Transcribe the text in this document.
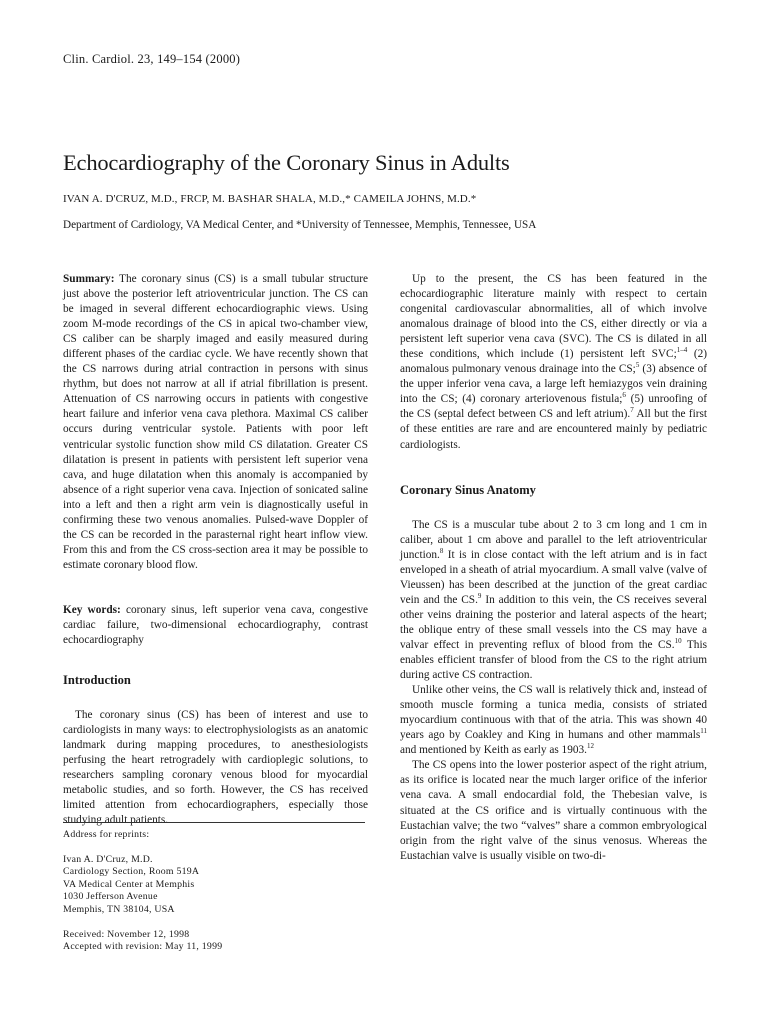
Clin. Cardiol. 23, 149–154 (2000)
Echocardiography of the Coronary Sinus in Adults
IVAN A. D'CRUZ, M.D., FRCP, M. BASHAR SHALA, M.D.,* CAMEILA JOHNS, M.D.*
Department of Cardiology, VA Medical Center, and *University of Tennessee, Memphis, Tennessee, USA

Summary: The coronary sinus (CS) is a small tubular structure just above the posterior left atrioventricular junction. The CS can be imaged in several different echocardiographic views. Using zoom M-mode recordings of the CS in apical two-chamber view, CS caliber can be sharply imaged and easily measured during different phases of the cardiac cycle. We have recently shown that the CS narrows during atrial contraction in persons with sinus rhythm, but does not narrow at all if atrial fibrillation is present. Attenuation of CS narrowing occurs in patients with congestive heart failure and inferior vena cava plethora. Maximal CS caliber occurs during ventricular systole. Patients with poor left ventricular systolic function show mild CS dilatation. Greater CS dilatation is present in patients with persistent left superior vena cava, and huge dilatation when this anomaly is accompanied by absence of a right superior vena cava. Injection of sonicated saline into a left and then a right arm vein is diagnostically useful in confirming these two venous anomalies. Pulsed-wave Doppler of the CS can be recorded in the parasternal right heart inflow view. From this and from the CS cross-section area it may be possible to estimate coronary blood flow.

Key words: coronary sinus, left superior vena cava, congestive cardiac failure, two-dimensional echocardiography, contrast echocardiography

Introduction

The coronary sinus (CS) has been of interest and use to cardiologists in many ways: to electrophysiologists as an anatomic landmark during mapping procedures, to anesthesiologists perfusing the heart retrogradely with cardioplegic solutions, to researchers sampling coronary venous blood for myocardial metabolic studies, and so forth. However, the CS has received limited attention from echocardiographers, especially those studying adult patients.

Up to the present, the CS has been featured in the echocardiographic literature mainly with respect to certain congenital cardiovascular abnormalities, all of which involve anomalous drainage of blood into the CS, either directly or via a persistent left superior vena cava (SVC). The CS is dilated in all these conditions, which include (1) persistent left SVC;$^{1-4}$ (2) anomalous pulmonary venous drainage into the CS;$^5$ (3) absence of the upper inferior vena cava, a large left hemiazygos vein draining into the CS; (4) coronary arteriovenous fistula;$^6$ (5) unroofing of the CS (septal defect between CS and left atrium).$^7$ All but the first of these entities are rare and are encountered mainly by pediatric cardiologists.

Coronary Sinus Anatomy

The CS is a muscular tube about 2 to 3 cm long and 1 cm in caliber, about 1 cm above and parallel to the left atrioventricular junction.$^8$ It is in close contact with the left atrium and is in fact enveloped in a sheath of atrial myocardium. A small valve (valve of Vieussen) has been described at the junction of the great cardiac vein and the CS.$^9$ In addition to this vein, the CS receives several other veins draining the posterior and lateral aspects of the heart; the oblique entry of these small vessels into the CS may have a valvar effect in preventing reflux of blood from the CS.$^{10}$ This enables efficient transfer of blood from the CS to the right atrium during active CS contraction.

Unlike other veins, the CS wall is relatively thick and, instead of smooth muscle forming a tunica media, consists of striated myocardium continuous with that of the atria. This was shown 40 years ago by Coakley and King in humans and other mammals$^{11}$ and mentioned by Keith as early as 1903.12

The CS opens into the lower posterior aspect of the right atrium, as its orifice is located near the much larger orifice of the inferior vena cava. A small endocardial fold, the Thebesian valve, is situated at the CS orifice and is virtually continuous with the Eustachian valve; the two “valves” share a common embryological origin from the right valve of the sinus venosus. Whereas the Eustachian valve is usually visible on two-di-

Address for reprints:
Ivan A. D'Cruz, M.D.
Cardiology Section, Room 519A
VA Medical Center at Memphis
1030 Jefferson Avenue
Memphis, TN 38104, USA
Received: November 12, 1998
Accepted with revision: May 11, 1999
